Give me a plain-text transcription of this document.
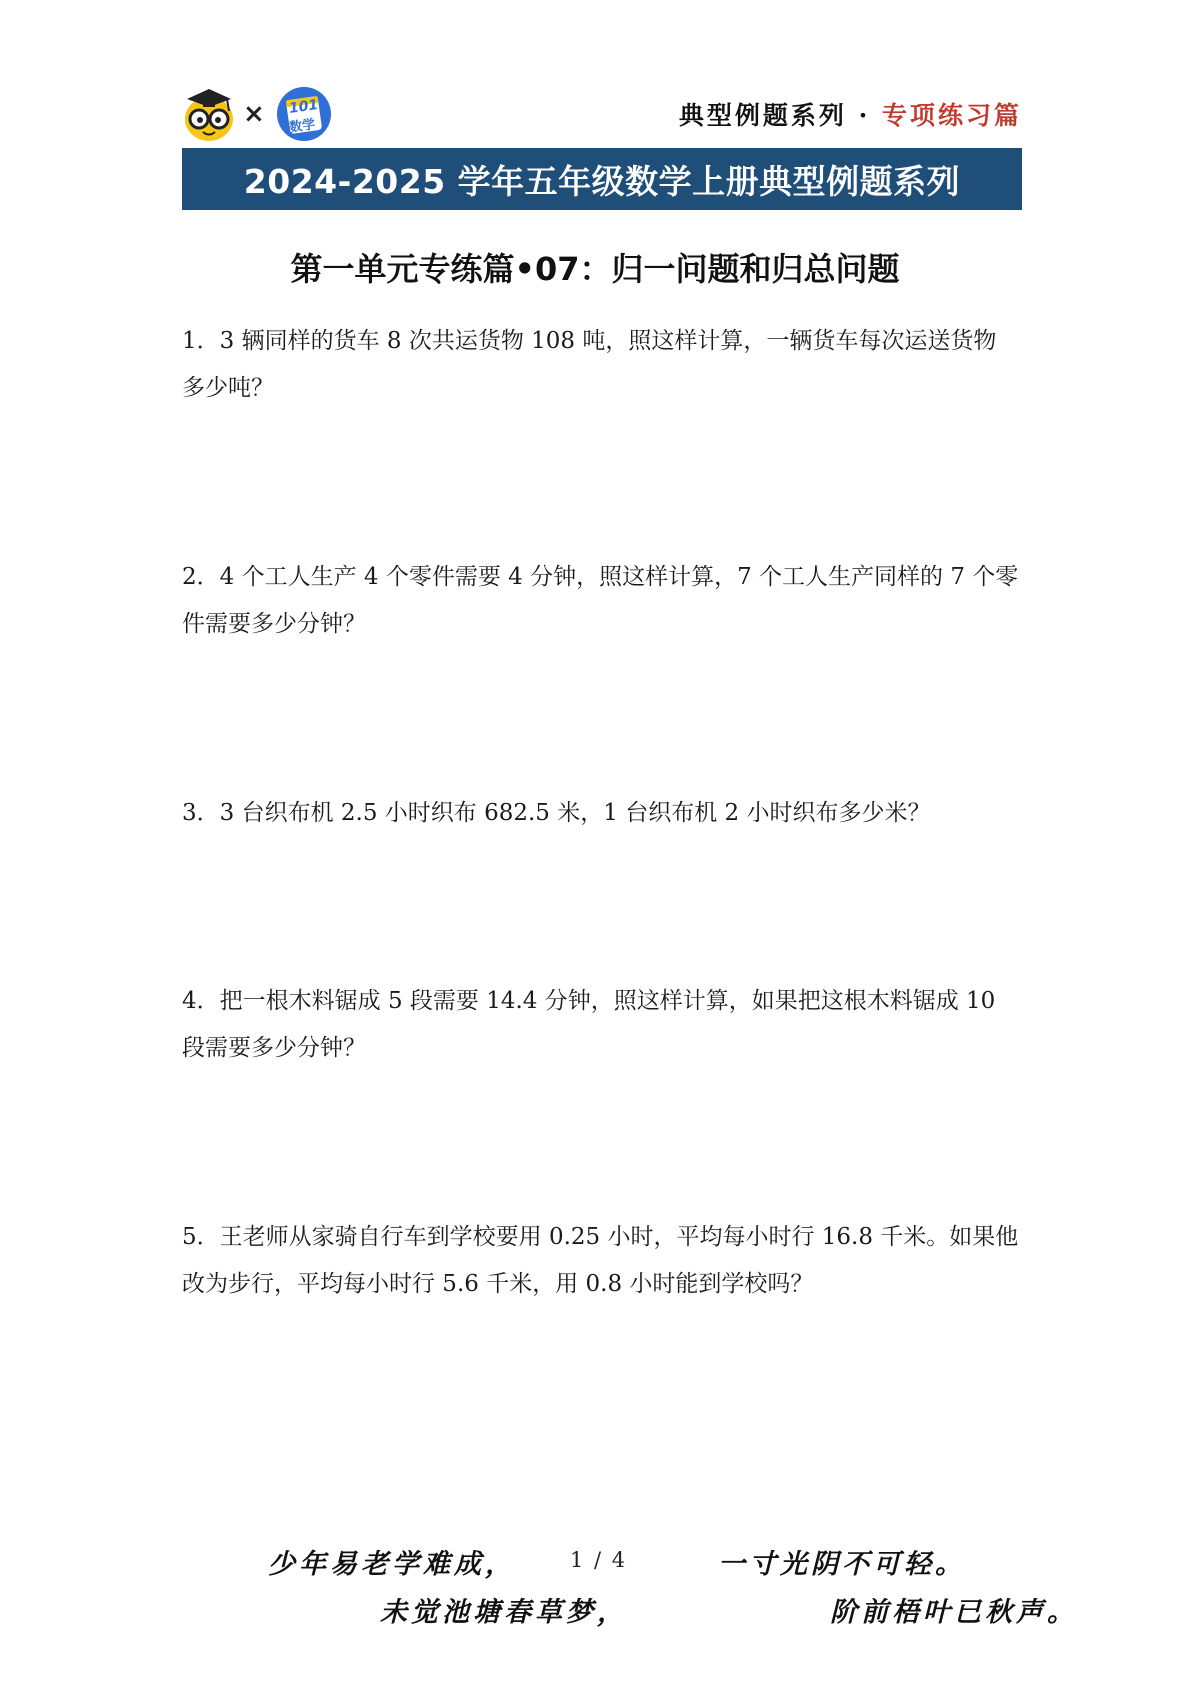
× 101
数学	典型例题系列 · 专项练习篇
2024-2025 学年五年级数学上册典型例题系列
第一单元专练篇•07：归一问题和归总问题
1．3 辆同样的货车 8 次共运货物 108 吨，照这样计算，一辆货车每次运送货物
多少吨？
2．4 个工人生产 4 个零件需要 4 分钟，照这样计算，7 个工人生产同样的 7 个零
件需要多少分钟？
3．3 台织布机 2.5 小时织布 682.5 米，1 台织布机 2 小时织布多少米？
4．把一根木料锯成 5 段需要 14.4 分钟，照这样计算，如果把这根木料锯成 10
段需要多少分钟？
5．王老师从家骑自行车到学校要用 0.25 小时，平均每小时行 16.8 千米。如果他
改为步行，平均每小时行 5.6 千米，用 0.8 小时能到学校吗？
少年易老学难成，	1 / 4	一寸光阴不可轻。
未觉池塘春草梦，	阶前梧叶已秋声。
